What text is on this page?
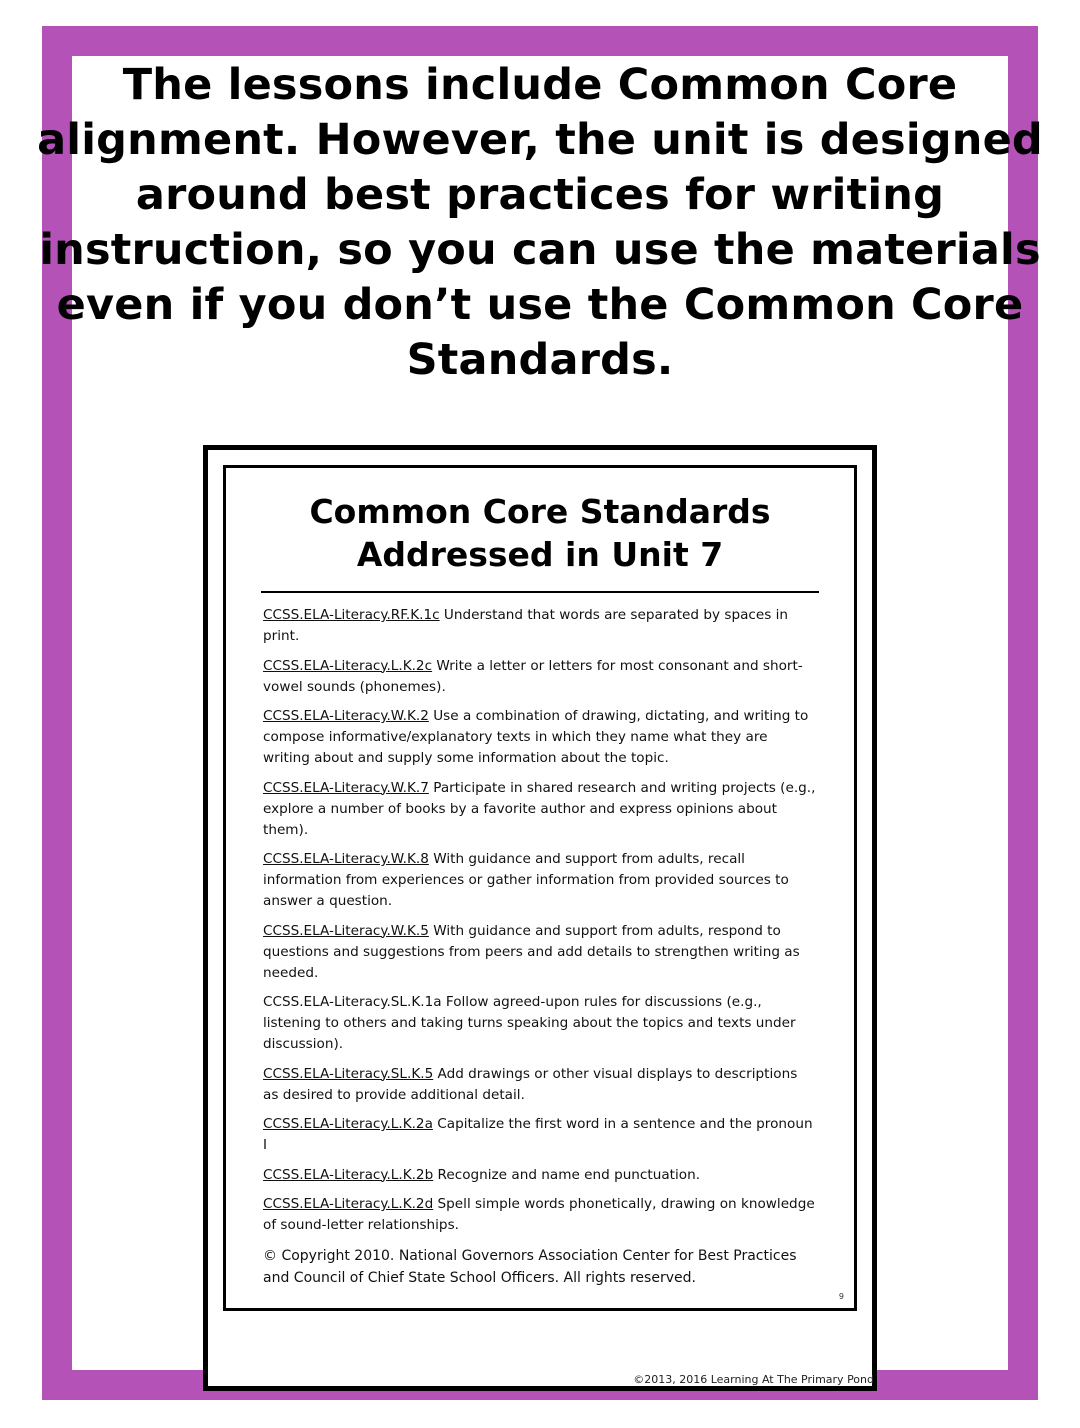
The lessons include Common Core alignment. However, the unit is designed around best practices for writing instruction, so you can use the materials even if you don’t use the Common Core Standards.
Common Core Standards
Addressed in Unit 7
CCSS.ELA-Literacy.RF.K.1c Understand that words are separated by spaces in print.
CCSS.ELA-Literacy.L.K.2c Write a letter or letters for most consonant and short-vowel sounds (phonemes).
CCSS.ELA-Literacy.W.K.2 Use a combination of drawing, dictating, and writing to compose informative/explanatory texts in which they name what they are writing about and supply some information about the topic.
CCSS.ELA-Literacy.W.K.7 Participate in shared research and writing projects (e.g., explore a number of books by a favorite author and express opinions about them).
CCSS.ELA-Literacy.W.K.8 With guidance and support from adults, recall information from experiences or gather information from provided sources to answer a question.
CCSS.ELA-Literacy.W.K.5 With guidance and support from adults, respond to questions and suggestions from peers and add details to strengthen writing as needed.
CCSS.ELA-Literacy.SL.K.1a Follow agreed-upon rules for discussions (e.g., listening to others and taking turns speaking about the topics and texts under discussion).
CCSS.ELA-Literacy.SL.K.5 Add drawings or other visual displays to descriptions as desired to provide additional detail.
CCSS.ELA-Literacy.L.K.2a Capitalize the first word in a sentence and the pronoun I
CCSS.ELA-Literacy.L.K.2b Recognize and name end punctuation.
CCSS.ELA-Literacy.L.K.2d Spell simple words phonetically, drawing on knowledge of sound-letter relationships.
© Copyright 2010. National Governors Association Center for Best Practices and Council of Chief State School Officers. All rights reserved.
9
©2013, 2016 Learning At The Primary Pond
